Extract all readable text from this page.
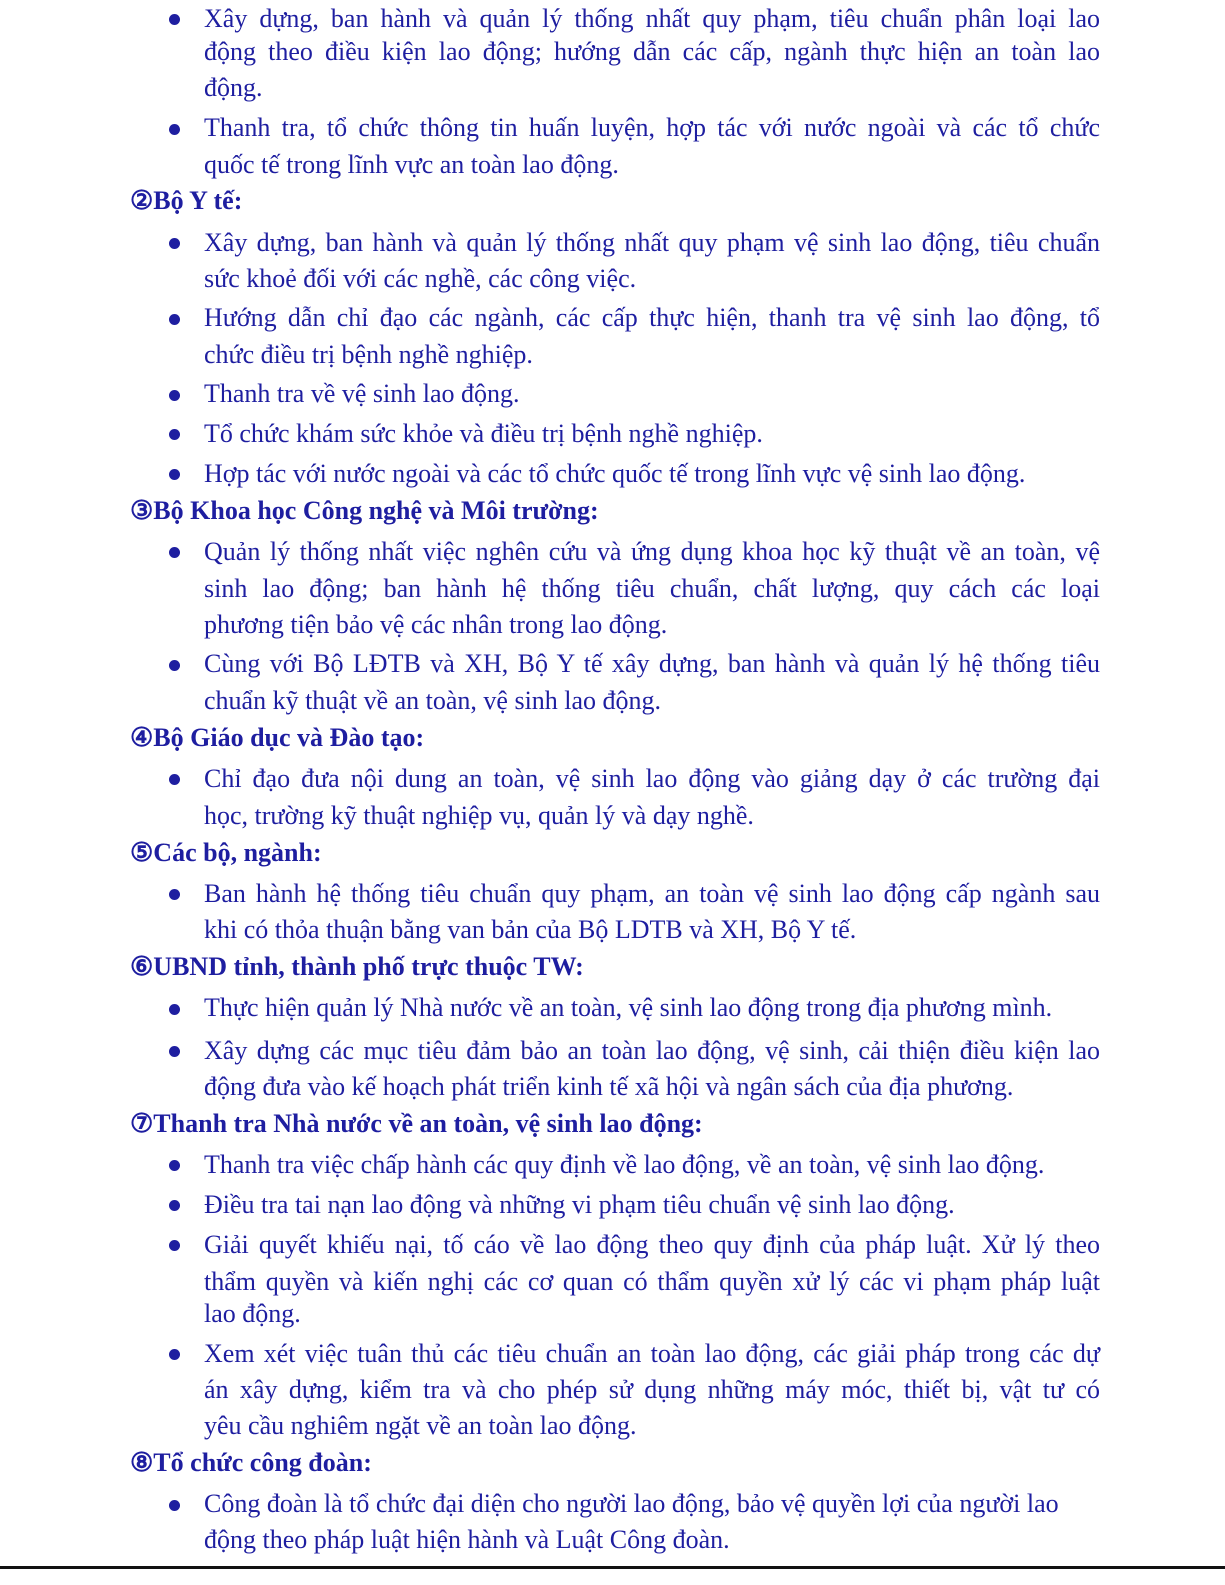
Xây dựng, ban hành và quản lý thống nhất quy phạm, tiêu chuẩn phân loại lao
động theo điều kiện lao động; hướng dẫn các cấp, ngành thực hiện an toàn lao
động.
Thanh tra, tổ chức thông tin huấn luyện, hợp tác với nước ngoài và các tổ chức
quốc tế trong lĩnh vực an toàn lao động.
②Bộ Y tế:
Xây dựng, ban hành và quản lý thống nhất quy phạm vệ sinh lao động, tiêu chuẩn
sức khoẻ đối với các nghề, các công việc.
Hướng dẫn chỉ đạo các ngành, các cấp thực hiện, thanh tra vệ sinh lao động, tổ
chức điều trị bệnh nghề nghiệp.
Thanh tra về vệ sinh lao động.
Tổ chức khám sức khỏe và điều trị bệnh nghề nghiệp.
Hợp tác với nước ngoài và các tổ chức quốc tế trong lĩnh vực vệ sinh lao động.
③Bộ Khoa học Công nghệ và Môi trường:
Quản lý thống nhất việc nghên cứu và ứng dụng khoa học kỹ thuật về an toàn, vệ
sinh lao động; ban hành hệ thống tiêu chuẩn, chất lượng, quy cách các loại
phương tiện bảo vệ các nhân trong lao động.
Cùng với Bộ LĐTB và XH, Bộ Y tế xây dựng, ban hành và quản lý hệ thống tiêu
chuẩn kỹ thuật về an toàn, vệ sinh lao động.
④Bộ Giáo dục và Đào tạo:
Chỉ đạo đưa nội dung an toàn, vệ sinh lao động vào giảng dạy ở các trường đại
học, trường kỹ thuật nghiệp vụ, quản lý và dạy nghề.
⑤Các bộ, ngành:
Ban hành hệ thống tiêu chuẩn quy phạm, an toàn vệ sinh lao động cấp ngành sau
khi có thỏa thuận bằng van bản của Bộ LDTB và XH, Bộ Y tế.
⑥UBND tỉnh, thành phố trực thuộc TW:
Thực hiện quản lý Nhà nước về an toàn, vệ sinh lao động trong địa phương mình.
Xây dựng các mục tiêu đảm bảo an toàn lao động, vệ sinh, cải thiện điều kiện lao
động đưa vào kế hoạch phát triển kinh tế xã hội và ngân sách của địa phương.
⑦Thanh tra Nhà nước về an toàn, vệ sinh lao động:
Thanh tra việc chấp hành các quy định về lao động, về an toàn, vệ sinh lao động.
Điều tra tai nạn lao động và những vi phạm tiêu chuẩn vệ sinh lao động.
Giải quyết khiếu nại, tố cáo về lao động theo quy định của pháp luật. Xử lý theo
thẩm quyền và kiến nghị các cơ quan có thẩm quyền xử lý các vi phạm pháp luật
lao động.
Xem xét việc tuân thủ các tiêu chuẩn an toàn lao động, các giải pháp trong các dự
án xây dựng, kiểm tra và cho phép sử dụng những máy móc, thiết bị, vật tư có
yêu cầu nghiêm ngặt về an toàn lao động.
⑧Tổ chức công đoàn:
Công đoàn là tổ chức đại diện cho người lao động, bảo vệ quyền lợi của người lao
động theo pháp luật hiện hành và Luật Công đoàn.
